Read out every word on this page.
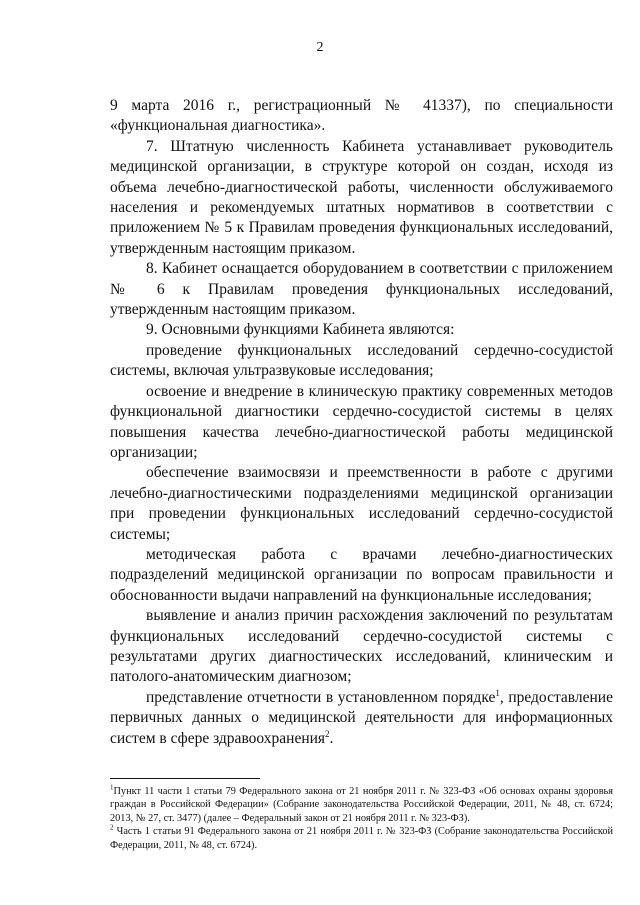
2

9 марта 2016 г., регистрационный № 41337), по специальности «функциональная диагностика».

7. Штатную численность Кабинета устанавливает руководитель медицинской организации, в структуре которой он создан, исходя из объема лечебно-диагностической работы, численности обслуживаемого населения и рекомендуемых штатных нормативов в соответствии с приложением № 5 к Правилам проведения функциональных исследований, утвержденным настоящим приказом.

8. Кабинет оснащается оборудованием в соответствии с приложением № 6 к Правилам проведения функциональных исследований, утвержденным настоящим приказом.

9. Основными функциями Кабинета являются:

проведение функциональных исследований сердечно-сосудистой системы, включая ультразвуковые исследования;

освоение и внедрение в клиническую практику современных методов функциональной диагностики сердечно-сосудистой системы в целях повышения качества лечебно-диагностической работы медицинской организации;

обеспечение взаимосвязи и преемственности в работе с другими лечебно-диагностическими подразделениями медицинской организации при проведении функциональных исследований сердечно-сосудистой системы;

методическая работа с врачами лечебно-диагностических подразделений медицинской организации по вопросам правильности и обоснованности выдачи направлений на функциональные исследования;

выявление и анализ причин расхождения заключений по результатам функциональных исследований сердечно-сосудистой системы с результатами других диагностических исследований, клиническим и патолого-анатомическим диагнозом;

представление отчетности в установленном порядке$^1$, предоставление первичных данных о медицинской деятельности для информационных систем в сфере здравоохранения$^2$.

$^1$Пункт 11 части 1 статьи 79 Федерального закона от 21 ноября 2011 г. № 323-ФЗ «Об основах охраны здоровья граждан в Российской Федерации» (Собрание законодательства Российской Федерации, 2011, № 48, ст. 6724; 2013, № 27, ст. 3477) (далее – Федеральный закон от 21 ноября 2011 г. № 323-ФЗ).

$^2$ Часть 1 статьи 91 Федерального закона от 21 ноября 2011 г. № 323-ФЗ (Собрание законодательства Российской Федерации, 2011, № 48, ст. 6724).
